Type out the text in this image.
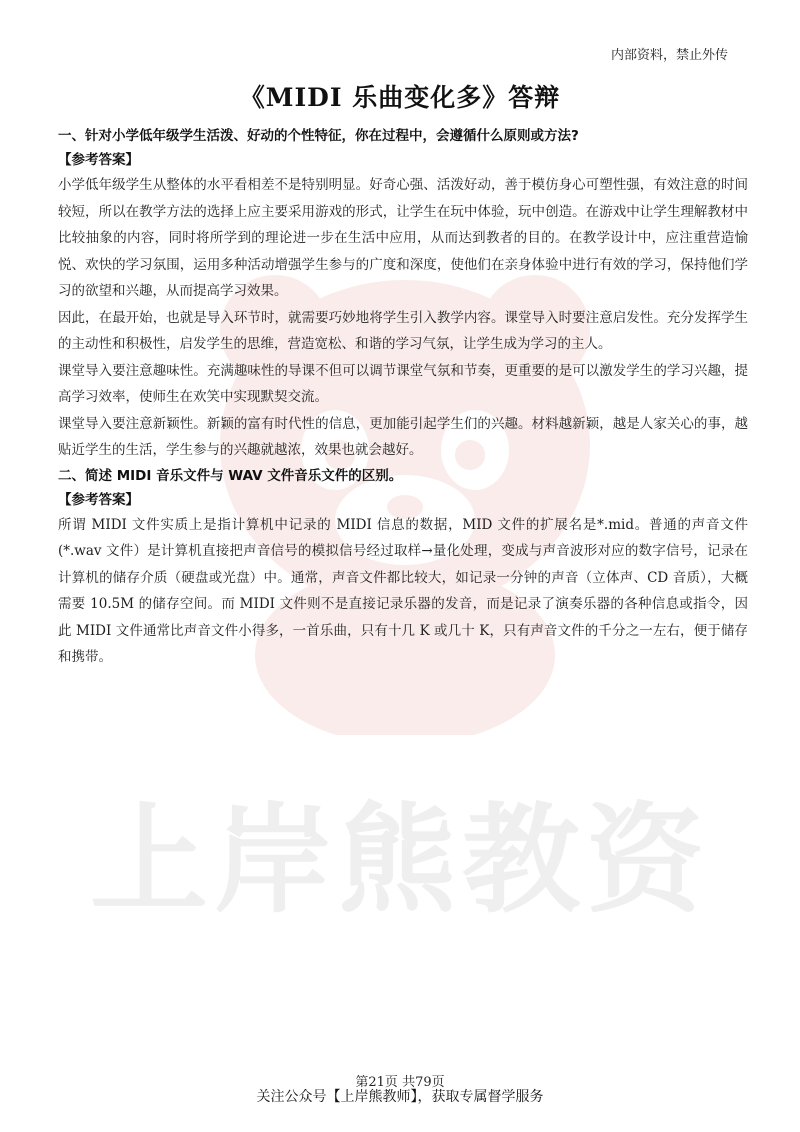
上岸熊教资
内部资料，禁止外传
《MIDI 乐曲变化多》答辩

一、针对小学低年级学生活泼、好动的个性特征，你在过程中，会遵循什么原则或方法?

【参考答案】

小学低年级学生从整体的水平看相差不是特别明显。好奇心强、活泼好动，善于模仿身心可塑性强，有效注意的时间较短，所以在教学方法的选择上应主要采用游戏的形式，让学生在玩中体验，玩中创造。在游戏中让学生理解教材中比较抽象的内容，同时将所学到的理论进一步在生活中应用，从而达到教者的目的。在教学设计中，应注重营造愉悦、欢快的学习氛围，运用多种活动增强学生参与的广度和深度，使他们在亲身体验中进行有效的学习，保持他们学习的欲望和兴趣，从而提高学习效果。

因此，在最开始，也就是导入环节时，就需要巧妙地将学生引入教学内容。课堂导入时要注意启发性。充分发挥学生的主动性和积极性，启发学生的思维，营造宽松、和谐的学习气氛，让学生成为学习的主人。

课堂导入要注意趣味性。充满趣味性的导课不但可以调节课堂气氛和节奏，更重要的是可以激发学生的学习兴趣，提高学习效率，使师生在欢笑中实现默契交流。

课堂导入要注意新颖性。新颖的富有时代性的信息，更加能引起学生们的兴趣。材料越新颖，越是人家关心的事，越贴近学生的生活，学生参与的兴趣就越浓，效果也就会越好。

二、简述 MIDI 音乐文件与 WAV 文件音乐文件的区别。

【参考答案】

所谓 MIDI 文件实质上是指计算机中记录的 MIDI 信息的数据，MID 文件的扩展名是*.mid。普通的声音文件(*.wav 文件）是计算机直接把声音信号的模拟信号经过取样→量化处理，变成与声音波形对应的数字信号，记录在计算机的储存介质（硬盘或光盘）中。通常，声音文件都比较大，如记录一分钟的声音（立体声、CD 音质），大概需要 10.5M 的储存空间。而 MIDI 文件则不是直接记录乐器的发音，而是记录了演奏乐器的各种信息或指令，因此 MIDI 文件通常比声音文件小得多，一首乐曲，只有十几 K 或几十 K，只有声音文件的千分之一左右，便于储存和携带。

第21页 共79页
关注公众号【上岸熊教师】，获取专属督学服务
